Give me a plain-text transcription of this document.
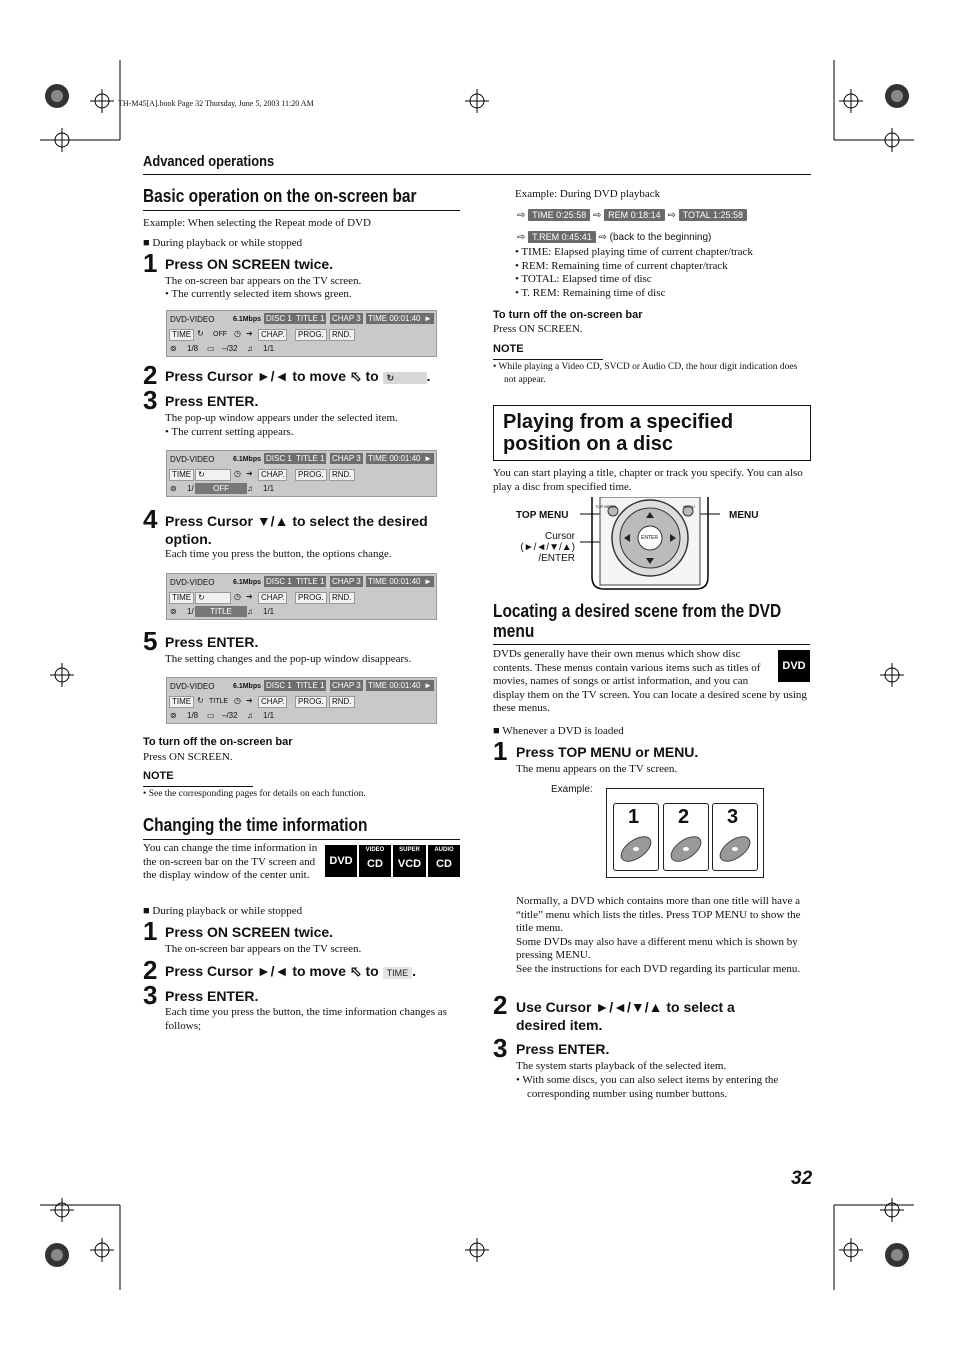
TH-M45[A].book Page 32 Thursday, June 5, 2003 11:20 AM
Advanced operations
Basic operation on the on-screen bar
Example: When selecting the Repeat mode of DVD
■ During playback or while stopped
1 Press ON SCREEN twice.
The on-screen bar appears on the TV screen.
• The currently selected item shows green.
DVD-VIDEO	6.1Mbps DISC 1 TITLE 1 CHAP 3 TIME 00:01:40 ►
TIME ↻ OFF ◷ ➜	CHAP.	PROG.	RND.
⊚ 1/8 ▭ –/32 ♫ 1/1
2 Press Cursor ►/◄ to move ⬁ to ↻ .
3 Press ENTER.
The pop-up window appears under the selected item.
• The current setting appears.
DVD-VIDEO	6.1Mbps DISC 1 TITLE 1 CHAP 3 TIME 00:01:40 ►
TIME ↻	◷ ➜	CHAP.	PROG.	RND.
⊚ 1/	OFF	♫ 1/1
4 Press Cursor ▼/▲ to select the desired option.
Each time you press the button, the options change.
DVD-VIDEO	6.1Mbps DISC 1 TITLE 1 CHAP 3 TIME 00:01:40 ►
TIME ↻	◷ ➜	CHAP.	PROG.	RND.
⊚ 1/	TITLE	♫ 1/1
5 Press ENTER.
The setting changes and the pop-up window disappears.
DVD-VIDEO	6.1Mbps DISC 1 TITLE 1 CHAP 3 TIME 00:01:40 ►
TIME ↻ TITLE ◷ ➜	CHAP.	PROG.	RND.
⊚ 1/8 ▭ –/32 ♫ 1/1
To turn off the on-screen bar
Press ON SCREEN.
NOTE
• See the corresponding pages for details on each function.
Changing the time information
You can change the time information in the on-screen bar on the TV screen and the display window of the center unit.
DVD
VIDEO
CD
SUPER
VCD
AUDIO
CD
■ During playback or while stopped
1 Press ON SCREEN twice.
The on-screen bar appears on the TV screen.
2 Press Cursor ►/◄ to move ⬁ to TIME .
3 Press ENTER.
Each time you press the button, the time information changes as follows;
Example: During DVD playback
⇨ TIME 0:25:58 ⇨ REM 0:18:14 ⇨ TOTAL 1:25:58
⇨ T.REM 0:45:41 ⇨ (back to the beginning)
• TIME: Elapsed playing time of current chapter/track
• REM: Remaining time of current chapter/track
• TOTAL: Elapsed time of disc
• T. REM: Remaining time of disc
To turn off the on-screen bar
Press ON SCREEN.
NOTE
• While playing a Video CD, SVCD or Audio CD, the hour digit indication does not appear.
Playing from a specified
position on a disc
You can start playing a title, chapter or track you specify. You can also play a disc from specified time.
TOP MENU	MENU
Cursor
(►/◄/▼/▲)
/ENTER
TOP MENU	MENU
ENTER
Locating a desired scene from the DVD
menu
DVD
DVDs generally have their own menus which show disc contents. These menus contain various items such as titles of movies, names of songs or artist information, and you can display them on the TV screen. You can locate a desired scene by using these menus.
■ Whenever a DVD is loaded
1 Press TOP MENU or MENU.
The menu appears on the TV screen.
Example:
1 2 3
Normally, a DVD which contains more than one title will have a “title” menu which lists the titles. Press TOP MENU to show the title menu.
Some DVDs may also have a different menu which is shown by pressing MENU.
See the instructions for each DVD regarding its particular menu.
2 Use Cursor ►/◄/▼/▲ to select a desired item.
3 Press ENTER.
The system starts playback of the selected item.
• With some discs, you can also select items by entering the corresponding number using number buttons.
32
